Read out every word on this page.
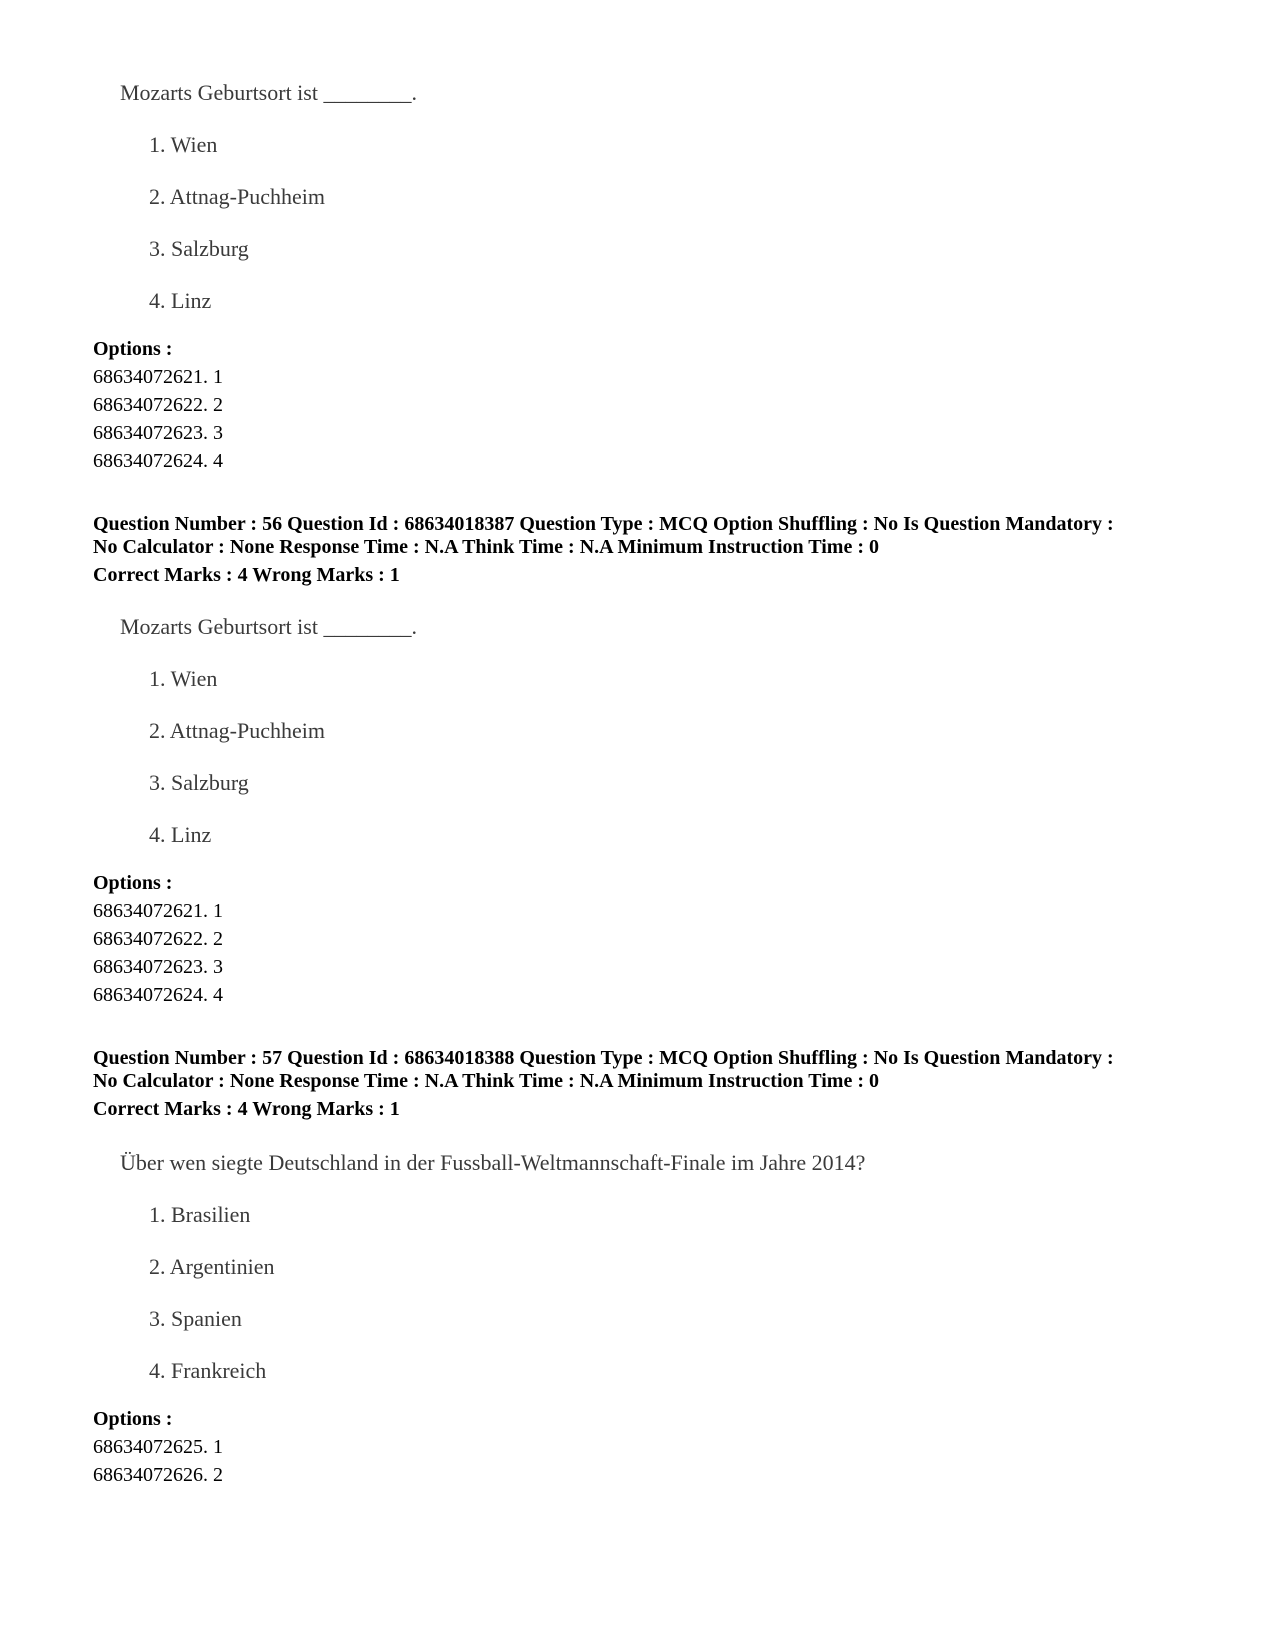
Mozarts Geburtsort ist ________.
1. Wien
2. Attnag-Puchheim
3. Salzburg
4. Linz
Options :
68634072621. 1
68634072622. 2
68634072623. 3
68634072624. 4
Question Number : 56 Question Id : 68634018387 Question Type : MCQ Option Shuffling : No Is Question Mandatory :
No Calculator : None Response Time : N.A Think Time : N.A Minimum Instruction Time : 0
Correct Marks : 4 Wrong Marks : 1
Mozarts Geburtsort ist ________.
1. Wien
2. Attnag-Puchheim
3. Salzburg
4. Linz
Options :
68634072621. 1
68634072622. 2
68634072623. 3
68634072624. 4
Question Number : 57 Question Id : 68634018388 Question Type : MCQ Option Shuffling : No Is Question Mandatory :
No Calculator : None Response Time : N.A Think Time : N.A Minimum Instruction Time : 0
Correct Marks : 4 Wrong Marks : 1
Über wen siegte Deutschland in der Fussball-Weltmannschaft-Finale im Jahre 2014?
1. Brasilien
2. Argentinien
3. Spanien
4. Frankreich
Options :
68634072625. 1
68634072626. 2
